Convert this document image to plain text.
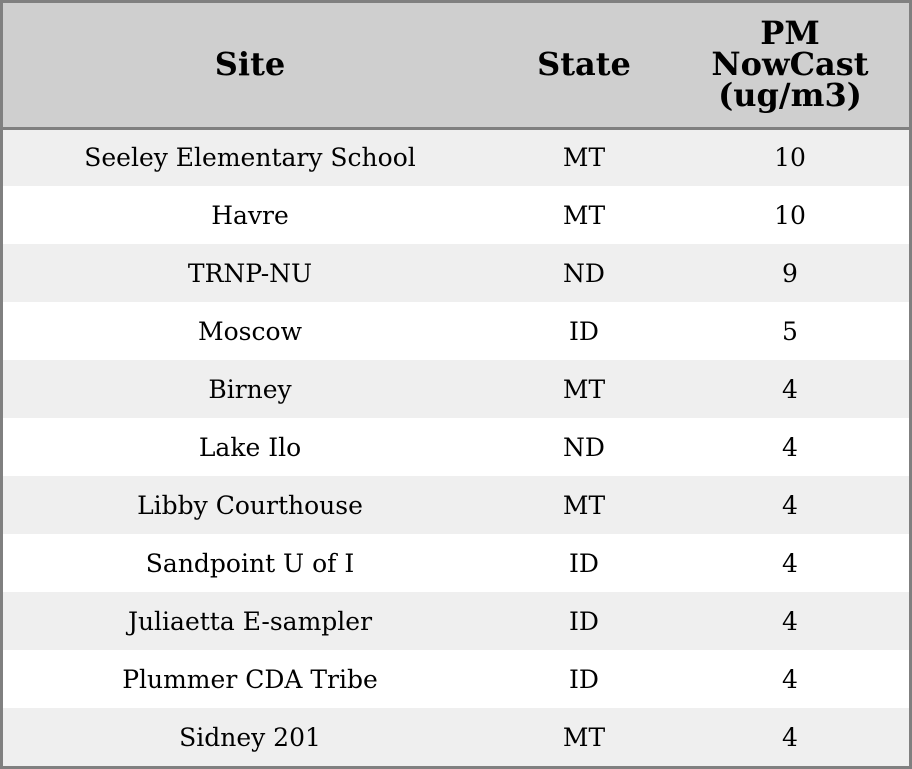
Site	State	PM
NowCast
(ug/m3)

Seeley Elementary School	MT	10
Havre	MT	10
TRNP-NU	ND	9
Moscow	ID	5
Birney	MT	4
Lake Ilo	ND	4
Libby Courthouse	MT	4
Sandpoint U of I	ID	4
Juliaetta E-sampler	ID	4
Plummer CDA Tribe	ID	4
Sidney 201	MT	4
